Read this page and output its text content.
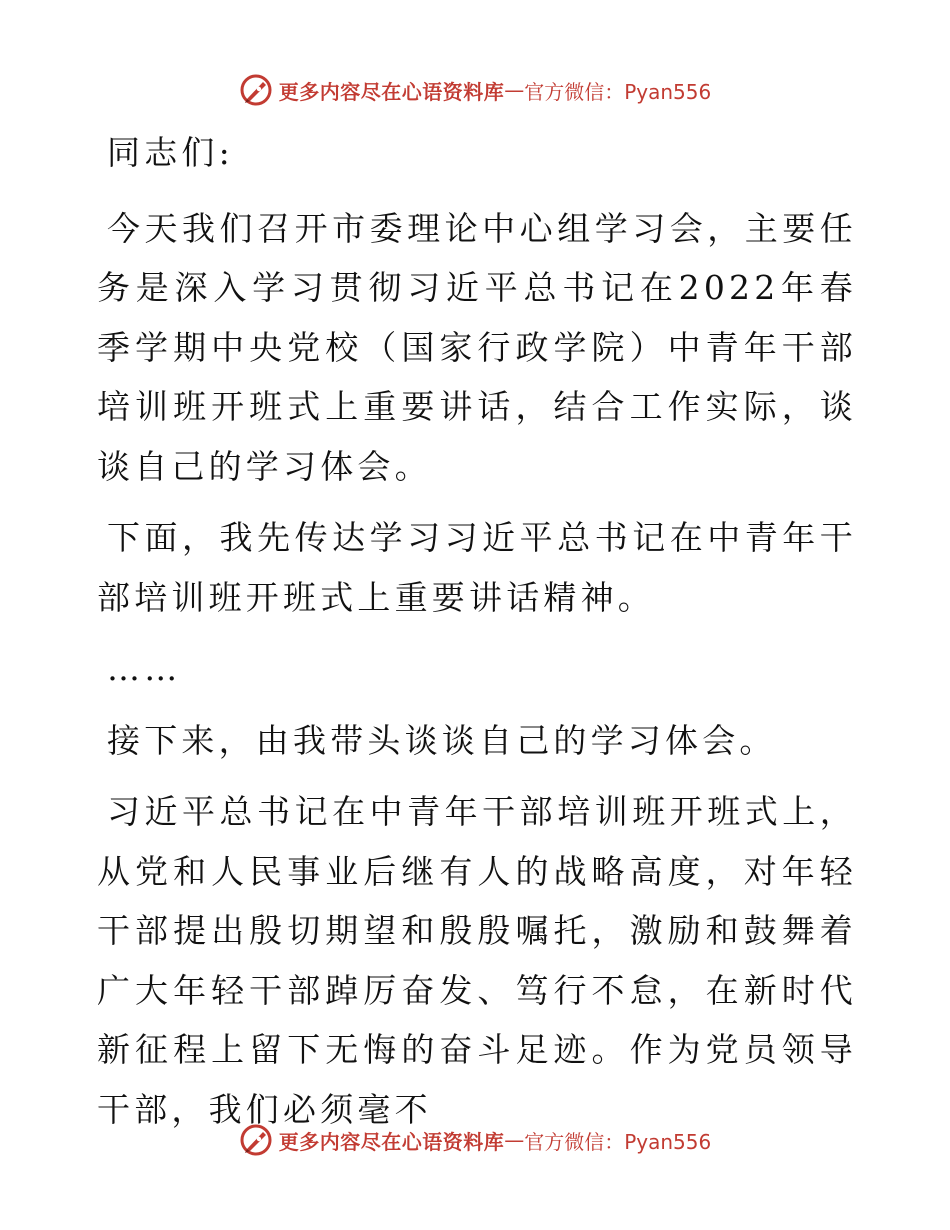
更多内容尽在心语资料库 — 官方微信：Pyan556

同志们:

今天我们召开市委理论中心组学习会，主要任务是深入学习贯彻习近平总书记在2022年春季学期中央党校（国家行政学院）中青年干部培训班开班式上重要讲话，结合工作实际，谈谈自己的学习体会。

下面，我先传达学习习近平总书记在中青年干部培训班开班式上重要讲话精神。

……

接下来，由我带头谈谈自己的学习体会。

习近平总书记在中青年干部培训班开班式上，从党和人民事业后继有人的战略高度，对年轻干部提出殷切期望和殷殷嘱托，激励和鼓舞着广大年轻干部踔厉奋发、笃行不怠，在新时代新征程上留下无悔的奋斗足迹。作为党员领导干部，我们必须毫不

更多内容尽在心语资料库 — 官方微信：Pyan556
